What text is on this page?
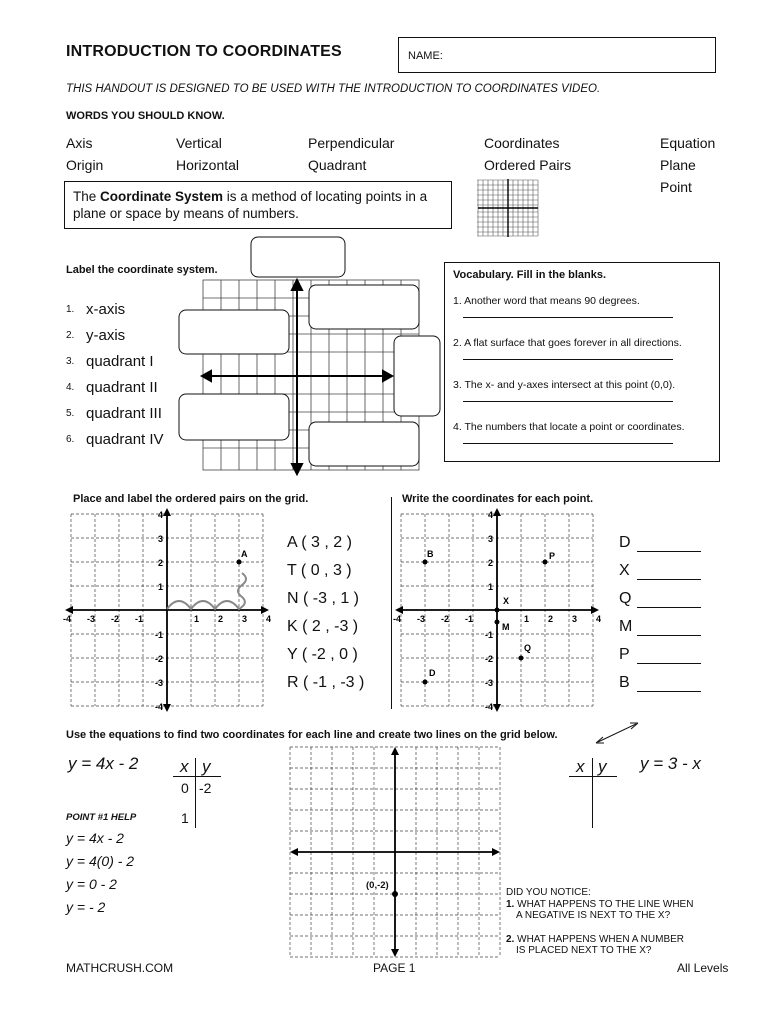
INTRODUCTION TO COORDINATES	NAME:
THIS HANDOUT IS DESIGNED TO BE USED WITH THE INTRODUCTION TO COORDINATES VIDEO.
WORDS YOU SHOULD KNOW.
Axis	Vertical	Perpendicular	Coordinates	Equation
Origin	Horizontal	Quadrant	Ordered Pairs	Plane
Point
The Coordinate System is a method of locating points in a
plane or space by means of numbers.
Label the coordinate system.
1. x-axis
2. y-axis
3. quadrant I
4. quadrant II
5. quadrant III
6. quadrant IV
Vocabulary. Fill in the blanks.
1. Another word that means 90 degrees.
2. A flat surface that goes forever in all directions.
3. The x- and y-axes intersect at this point (0,0).
4. The numbers that locate a point or coordinates.
Place and label the ordered pairs on the grid.	Write the coordinates for each point.
-4 -3 -2 -1	1 2 3 4
4
3
2
1
-1
-2
-3
-4
A
A ( 3 , 2 )
T ( 0 , 3 )
N ( -3 , 1 )
K ( 2 , -3 )
Y ( -2 , 0 )
R ( -1 , -3 )
-4 -3 -2 -1	1 2 3 4
4
3
2
1
-1
-2
-3
-4
B	P
X
M
Q
D
D
X
Q
M
P
B
Use the equations to find two coordinates for each line and create two lines on the grid below.
y = 4x - 2 x y
0 -2
1
x y y = 3 - x
POINT #1 HELP
y = 4x - 2
y = 4(0) - 2
y = 0 - 2
y = - 2
(0,-2)
DID YOU NOTICE:
1. WHAT HAPPENS TO THE LINE WHEN
A NEGATIVE IS NEXT TO THE X?
2. WHAT HAPPENS WHEN A NUMBER
IS PLACED NEXT TO THE X?
MATHCRUSH.COM	PAGE 1	All Levels
